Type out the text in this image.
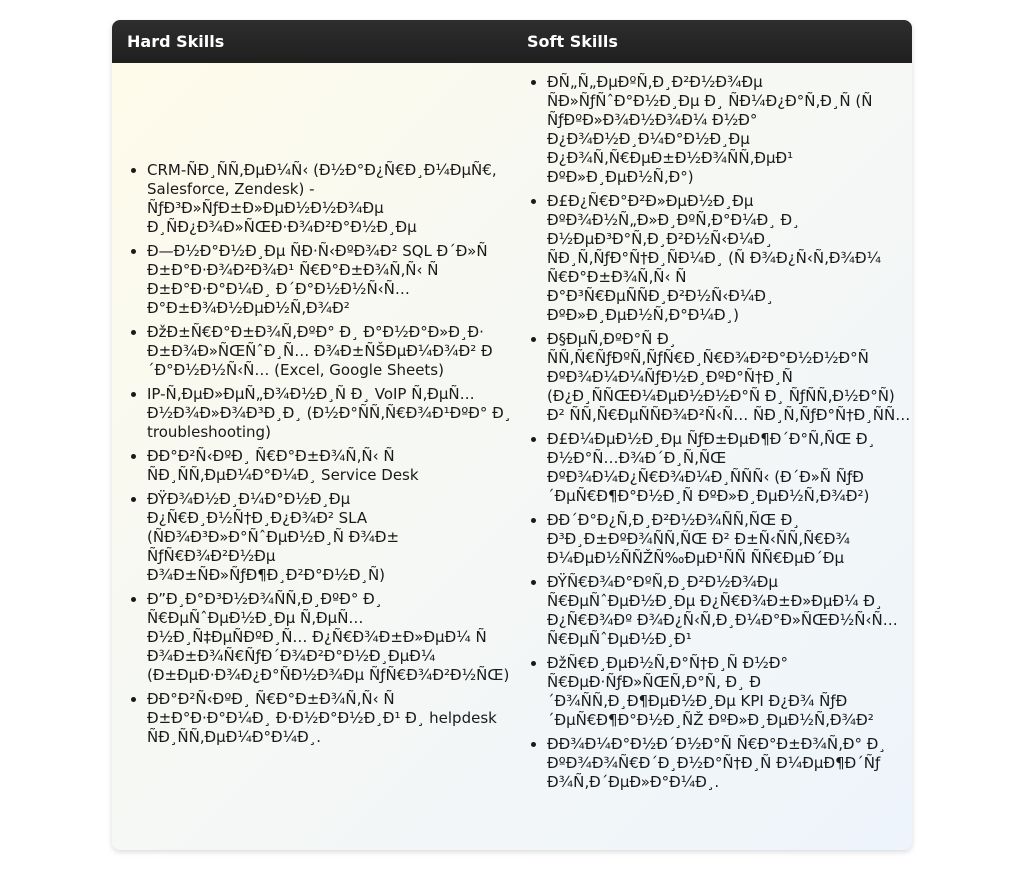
Hard Skills	Soft Skills
• CRM-ÑÐ¸ÑÑ‚ÐµÐ¼Ñ‹ (Ð½Ð°Ð¿Ñ€Ð¸Ð¼ÐµÑ€, Salesforce, Zendesk) - ÑƒÐ³Ð»ÑƒÐ±Ð»ÐµÐ½Ð½Ð¾Ðµ Ð¸ÑÐ¿Ð¾Ð»ÑŒÐ·Ð¾Ð²Ð°Ð½Ð¸Ðµ
• Ð—Ð½Ð°Ð½Ð¸Ðµ ÑÐ·Ñ‹ÐºÐ¾Ð² SQL Ð´Ð»Ñ Ð±Ð°Ð·Ð¾Ð²Ð¾Ð¹ Ñ€Ð°Ð±Ð¾Ñ‚Ñ‹ Ñ Ð±Ð°Ð·Ð°Ð¼Ð¸ Ð´Ð°Ð½Ð½Ñ‹Ñ… Ð°Ð±Ð¾Ð½ÐµÐ½Ñ‚Ð¾Ð²
• ÐžÐ±Ñ€Ð°Ð±Ð¾Ñ‚ÐºÐ° Ð¸ Ð°Ð½Ð°Ð»Ð¸Ð· Ð±Ð¾Ð»ÑŒÑˆÐ¸Ñ… Ð¾Ð±ÑŠÐµÐ¼Ð¾Ð² Ð´Ð°Ð½Ð½Ñ‹Ñ… (Excel, Google Sheets)
• IP-Ñ‚ÐµÐ»ÐµÑ„Ð¾Ð½Ð¸Ñ Ð¸ VoIP Ñ‚ÐµÑ…Ð½Ð¾Ð»Ð¾Ð³Ð¸Ð¸ (Ð½Ð°ÑÑ‚Ñ€Ð¾Ð¹ÐºÐ° Ð¸ troubleshooting)
• ÐÐ°Ð²Ñ‹ÐºÐ¸ Ñ€Ð°Ð±Ð¾Ñ‚Ñ‹ Ñ ÑÐ¸ÑÑ‚ÐµÐ¼Ð°Ð¼Ð¸ Service Desk
• ÐŸÐ¾Ð½Ð¸Ð¼Ð°Ð½Ð¸Ðµ Ð¿Ñ€Ð¸Ð½Ñ†Ð¸Ð¿Ð¾Ð² SLA (ÑÐ¾Ð³Ð»Ð°ÑˆÐµÐ½Ð¸Ñ Ð¾Ð± ÑƒÑ€Ð¾Ð²Ð½Ðµ Ð¾Ð±ÑÐ»ÑƒÐ¶Ð¸Ð²Ð°Ð½Ð¸Ñ)
• Ð”Ð¸Ð°Ð³Ð½Ð¾ÑÑ‚Ð¸ÐºÐ° Ð¸ Ñ€ÐµÑˆÐµÐ½Ð¸Ðµ Ñ‚ÐµÑ…Ð½Ð¸Ñ‡ÐµÑÐºÐ¸Ñ… Ð¿Ñ€Ð¾Ð±Ð»ÐµÐ¼ Ñ Ð¾Ð±Ð¾Ñ€ÑƒÐ´Ð¾Ð²Ð°Ð½Ð¸ÐµÐ¼ (Ð±ÐµÐ·Ð¾Ð¿Ð°ÑÐ½Ð¾Ðµ ÑƒÑ€Ð¾Ð²Ð½ÑŒ)
• ÐÐ°Ð²Ñ‹ÐºÐ¸ Ñ€Ð°Ð±Ð¾Ñ‚Ñ‹ Ñ Ð±Ð°Ð·Ð°Ð¼Ð¸ Ð·Ð½Ð°Ð½Ð¸Ð¹ Ð¸ helpdesk ÑÐ¸ÑÑ‚ÐµÐ¼Ð°Ð¼Ð¸.
• ÐÑ„Ñ„ÐµÐºÑ‚Ð¸Ð²Ð½Ð¾Ðµ ÑÐ»ÑƒÑˆÐ°Ð½Ð¸Ðµ Ð¸ ÑÐ¼Ð¿Ð°Ñ‚Ð¸Ñ (Ñ ÑƒÐºÐ»Ð¾Ð½Ð¾Ð¼ Ð½Ð° Ð¿Ð¾Ð½Ð¸Ð¼Ð°Ð½Ð¸Ðµ Ð¿Ð¾Ñ‚Ñ€ÐµÐ±Ð½Ð¾ÑÑ‚ÐµÐ¹ ÐºÐ»Ð¸ÐµÐ½Ñ‚Ð°)
• Ð£Ð¿Ñ€Ð°Ð²Ð»ÐµÐ½Ð¸Ðµ ÐºÐ¾Ð½Ñ„Ð»Ð¸ÐºÑ‚Ð°Ð¼Ð¸ Ð¸ Ð½ÐµÐ³Ð°Ñ‚Ð¸Ð²Ð½Ñ‹Ð¼Ð¸ ÑÐ¸Ñ‚ÑƒÐ°Ñ†Ð¸ÑÐ¼Ð¸ (Ñ Ð¾Ð¿Ñ‹Ñ‚Ð¾Ð¼ Ñ€Ð°Ð±Ð¾Ñ‚Ñ‹ Ñ Ð°Ð³Ñ€ÐµÑÑÐ¸Ð²Ð½Ñ‹Ð¼Ð¸ ÐºÐ»Ð¸ÐµÐ½Ñ‚Ð°Ð¼Ð¸)
• Ð§ÐµÑ‚ÐºÐ°Ñ Ð¸ ÑÑ‚Ñ€ÑƒÐºÑ‚ÑƒÑ€Ð¸Ñ€Ð¾Ð²Ð°Ð½Ð½Ð°Ñ ÐºÐ¾Ð¼Ð¼ÑƒÐ½Ð¸ÐºÐ°Ñ†Ð¸Ñ (Ð¿Ð¸ÑÑŒÐ¼ÐµÐ½Ð½Ð°Ñ Ð¸ ÑƒÑÑ‚Ð½Ð°Ñ) Ð² ÑÑ‚Ñ€ÐµÑÑÐ¾Ð²Ñ‹Ñ… ÑÐ¸Ñ‚ÑƒÐ°Ñ†Ð¸ÑÑ…
• Ð£Ð¼ÐµÐ½Ð¸Ðµ ÑƒÐ±ÐµÐ¶Ð´Ð°Ñ‚ÑŒ Ð¸ Ð½Ð°Ñ…Ð¾Ð´Ð¸Ñ‚ÑŒ ÐºÐ¾Ð¼Ð¿Ñ€Ð¾Ð¼Ð¸ÑÑÑ‹ (Ð´Ð»Ñ ÑƒÐ´ÐµÑ€Ð¶Ð°Ð½Ð¸Ñ ÐºÐ»Ð¸ÐµÐ½Ñ‚Ð¾Ð²)
• ÐÐ´Ð°Ð¿Ñ‚Ð¸Ð²Ð½Ð¾ÑÑ‚ÑŒ Ð¸ Ð³Ð¸Ð±ÐºÐ¾ÑÑ‚ÑŒ Ð² Ð±Ñ‹ÑÑ‚Ñ€Ð¾ Ð¼ÐµÐ½ÑÑŽÑ‰ÐµÐ¹ÑÑ ÑÑ€ÐµÐ´Ðµ
• ÐŸÑ€Ð¾Ð°ÐºÑ‚Ð¸Ð²Ð½Ð¾Ðµ Ñ€ÐµÑˆÐµÐ½Ð¸Ðµ Ð¿Ñ€Ð¾Ð±Ð»ÐµÐ¼ Ð¸ Ð¿Ñ€Ð¾Ðº Ð¾Ð¿Ñ‹Ñ‚Ð¸Ð¼Ð°Ð»ÑŒÐ½Ñ‹Ñ… Ñ€ÐµÑˆÐµÐ½Ð¸Ð¹
• ÐžÑ€Ð¸ÐµÐ½Ñ‚Ð°Ñ†Ð¸Ñ Ð½Ð° Ñ€ÐµÐ·ÑƒÐ»ÑŒÑ‚Ð°Ñ‚ Ð¸ Ð´Ð¾ÑÑ‚Ð¸Ð¶ÐµÐ½Ð¸Ðµ KPI Ð¿Ð¾ ÑƒÐ´ÐµÑ€Ð¶Ð°Ð½Ð¸ÑŽ ÐºÐ»Ð¸ÐµÐ½Ñ‚Ð¾Ð²
• ÐÐ¾Ð¼Ð°Ð½Ð´Ð½Ð°Ñ Ñ€Ð°Ð±Ð¾Ñ‚Ð° Ð¸ ÐºÐ¾Ð¾Ñ€Ð´Ð¸Ð½Ð°Ñ†Ð¸Ñ Ð¼ÐµÐ¶Ð´Ñƒ Ð¾Ñ‚Ð´ÐµÐ»Ð°Ð¼Ð¸.
